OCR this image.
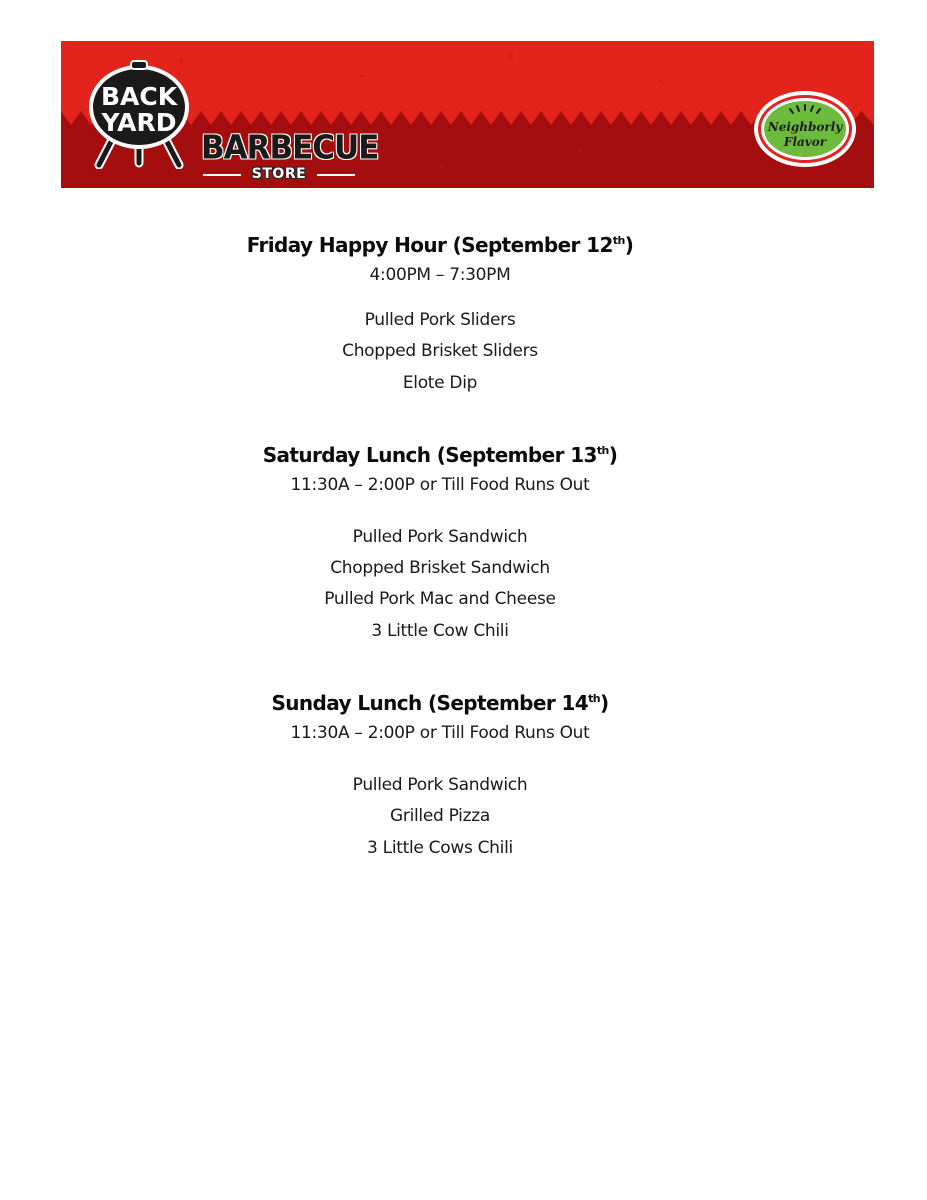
BACK
YARD
BARBECUE
STORE
Neighborly
Flavor
Friday Happy Hour (September 12th)

4:00PM – 7:30PM

Pulled Pork Sliders
Chopped Brisket Sliders
Elote Dip
Saturday Lunch (September 13th)

11:30A – 2:00P or Till Food Runs Out

Pulled Pork Sandwich
Chopped Brisket Sandwich
Pulled Pork Mac and Cheese
3 Little Cow Chili
Sunday Lunch (September 14th)

11:30A – 2:00P or Till Food Runs Out

Pulled Pork Sandwich
Grilled Pizza
3 Little Cows Chili
